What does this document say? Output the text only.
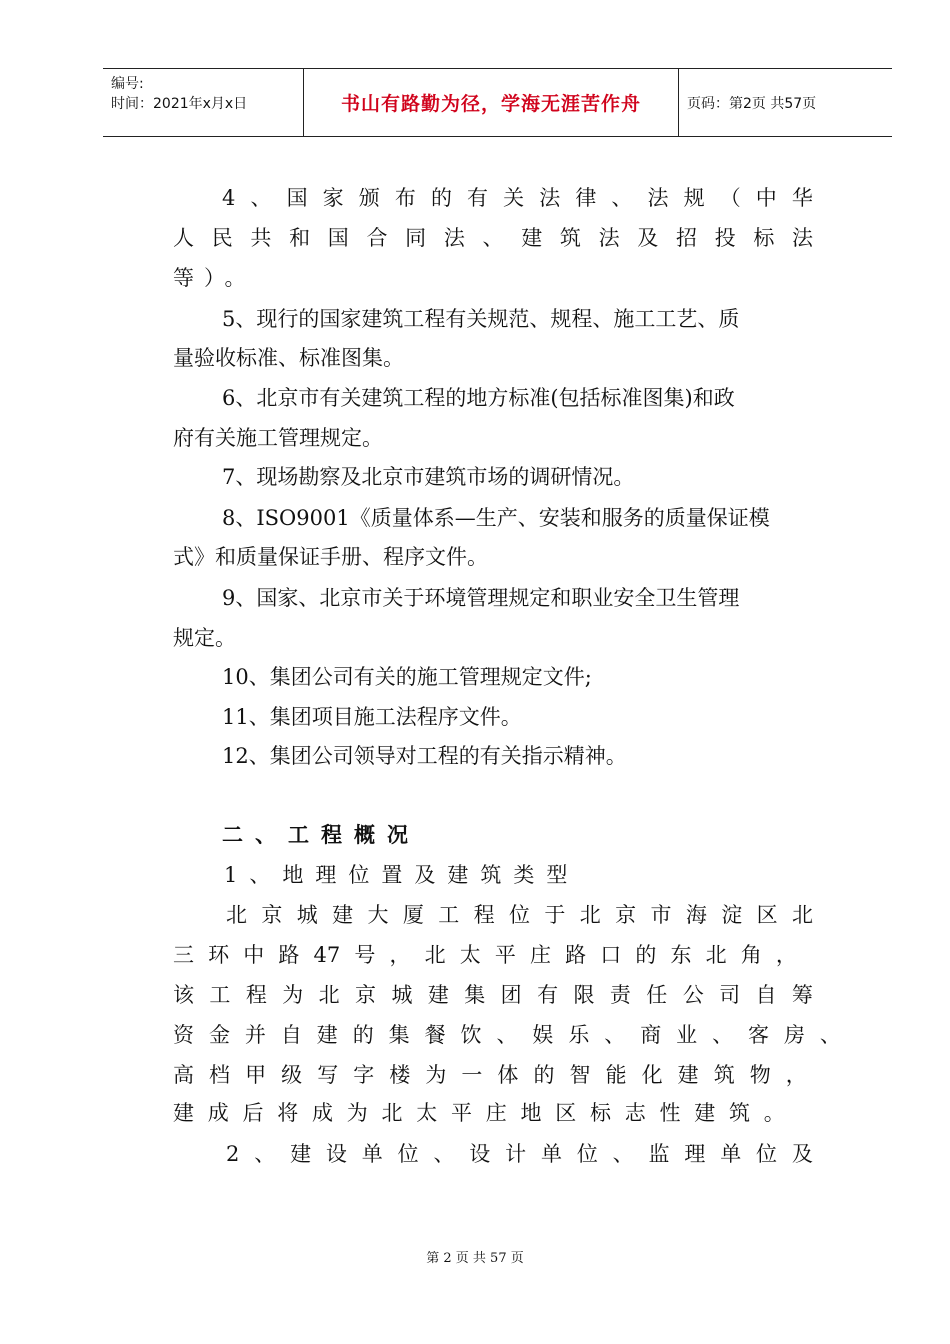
编号:
时间：2021年x月x日	书山有路勤为径，学海无涯苦作舟	页码：第2页 共57页
4 、 国 家 颁 布 的 有 关 法 律 、 法 规 （ 中 华
人 民 共 和 国 合 同 法 、 建 筑 法 及 招 投 标 法
等）。
5、现行的国家建筑工程有关规范、规程、施工工艺、质
量验收标准、标准图集。
6、北京市有关建筑工程的地方标准(包括标准图集)和政
府有关施工管理规定。
7、现场勘察及北京市建筑市场的调研情况。
8、ISO9001《质量体系—生产、安装和服务的质量保证模
式》和质量保证手册、程序文件。
9、国家、北京市关于环境管理规定和职业安全卫生管理
规定。
10、集团公司有关的施工管理规定文件;
11、集团项目施工法程序文件。
12、集团公司领导对工程的有关指示精神。
二、工程概况
1、地理位置及建筑类型
北 京 城 建 大 厦 工 程 位 于 北 京 市 海 淀 区 北
三 环 中 路 47 号 ， 北 太 平 庄 路 口 的 东 北 角 ，
该 工 程 为 北 京 城 建 集 团 有 限 责 任 公 司 自 筹
资 金 并 自 建 的 集 餐 饮 、 娱 乐 、 商 业 、 客 房 、
高 档 甲 级 写 字 楼 为 一 体 的 智 能 化 建 筑 物 ，
建 成 后 将 成 为 北 太 平 庄 地 区 标 志 性 建 筑 。
2 、 建 设 单 位 、 设 计 单 位 、 监 理 单 位 及
第 2 页 共 57 页
